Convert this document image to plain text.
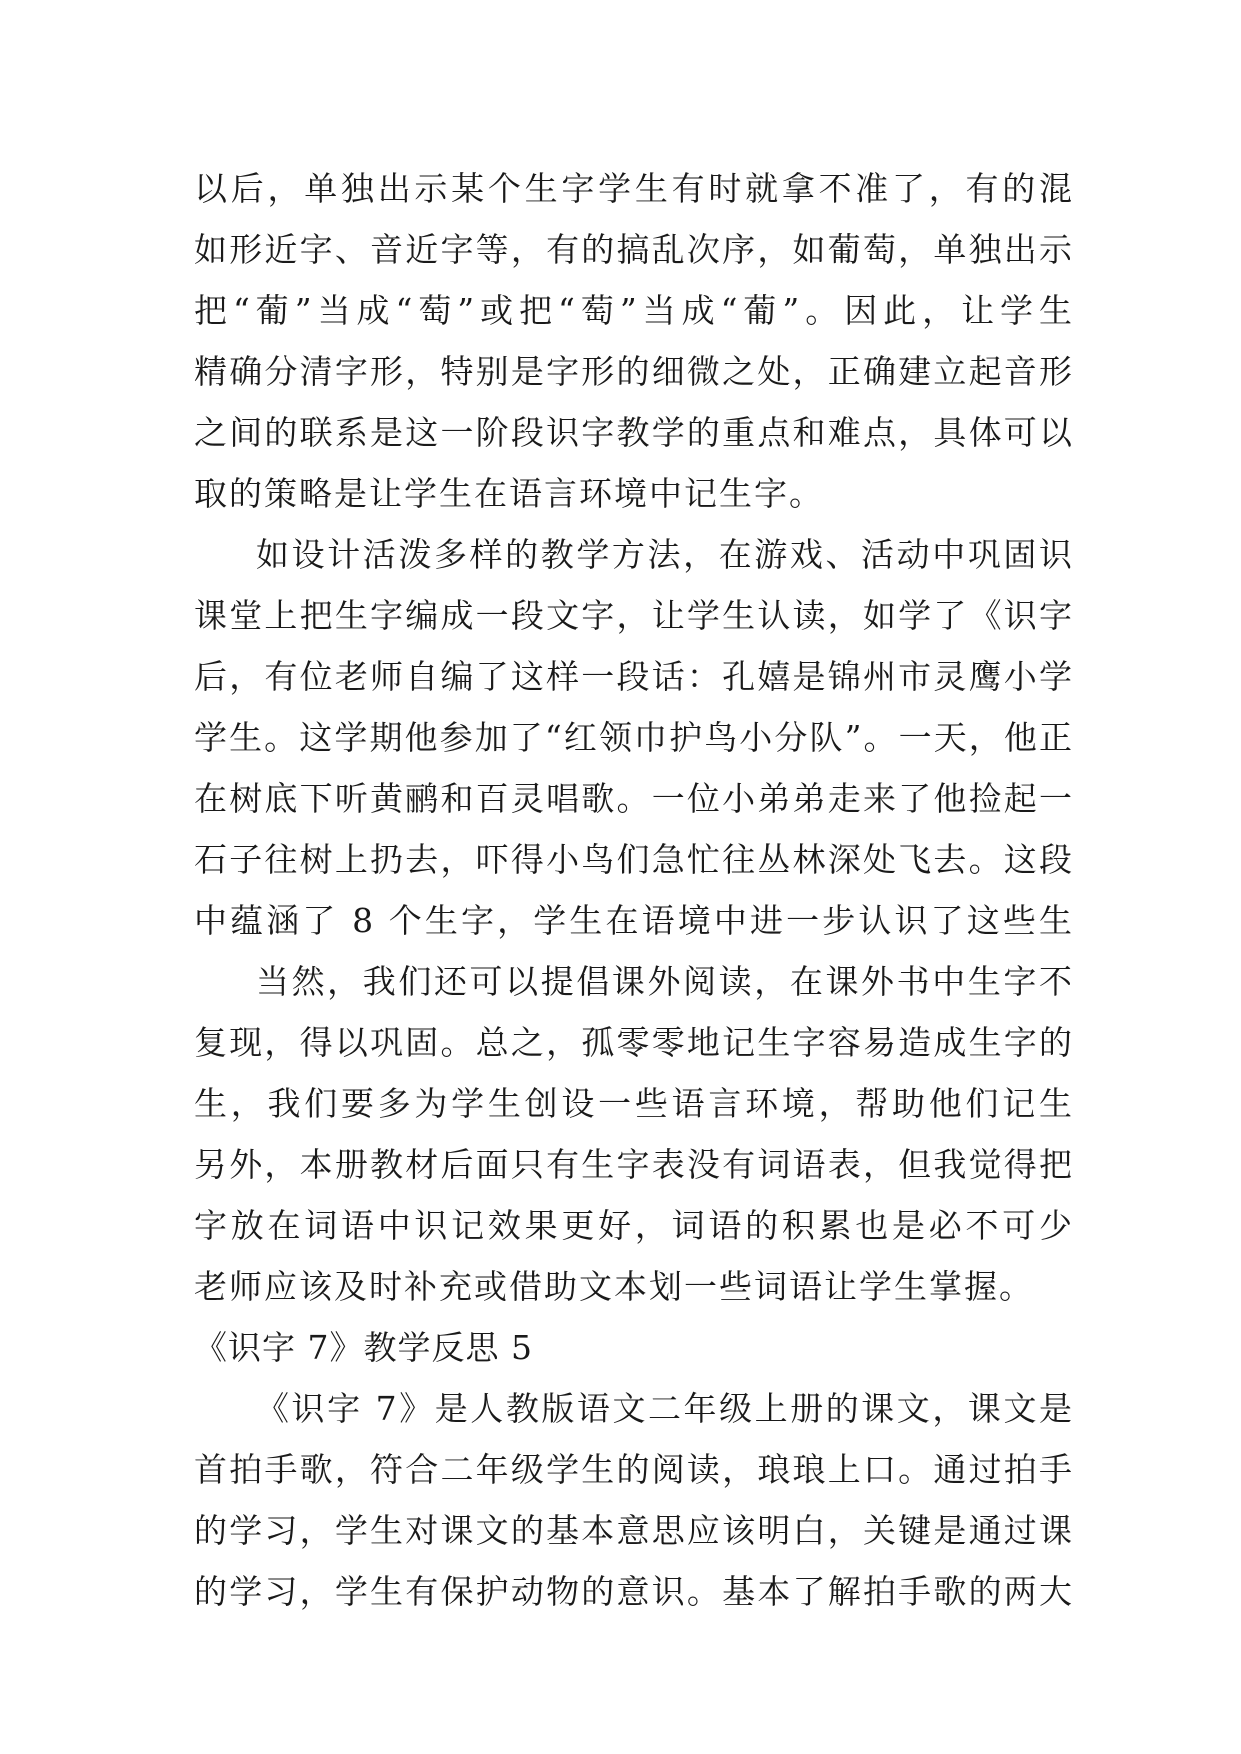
以后，单独出示某个生字学生有时就拿不准了，有的混
如形近字、音近字等，有的搞乱次序，如葡萄，单独出示
把“葡”当成“萄”或把“萄”当成“葡”。因此，让学生
精确分清字形，特别是字形的细微之处，正确建立起音形
之间的联系是这一阶段识字教学的重点和难点，具体可以
取的策略是让学生在语言环境中记生字。
如设计活泼多样的教学方法，在游戏、活动中巩固识
课堂上把生字编成一段文字，让学生认读，如学了《识字
后，有位老师自编了这样一段话：孔嬉是锦州市灵鹰小学
学生。这学期他参加了“红领巾护鸟小分队”。一天，他正
在树底下听黄鹂和百灵唱歌。一位小弟弟走来了他捡起一
石子往树上扔去，吓得小鸟们急忙往丛林深处飞去。这段
中蕴涵了 8 个生字，学生在语境中进一步认识了这些生
当然，我们还可以提倡课外阅读，在课外书中生字不
复现，得以巩固。总之，孤零零地记生字容易造成生字的
生，我们要多为学生创设一些语言环境，帮助他们记生
另外，本册教材后面只有生字表没有词语表，但我觉得把
字放在词语中识记效果更好，词语的积累也是必不可少
老师应该及时补充或借助文本划一些词语让学生掌握。
《识字 7》教学反思 5
《识字 7》是人教版语文二年级上册的课文，课文是
首拍手歌，符合二年级学生的阅读，琅琅上口。通过拍手
的学习，学生对课文的基本意思应该明白，关键是通过课
的学习，学生有保护动物的意识。基本了解拍手歌的两大
